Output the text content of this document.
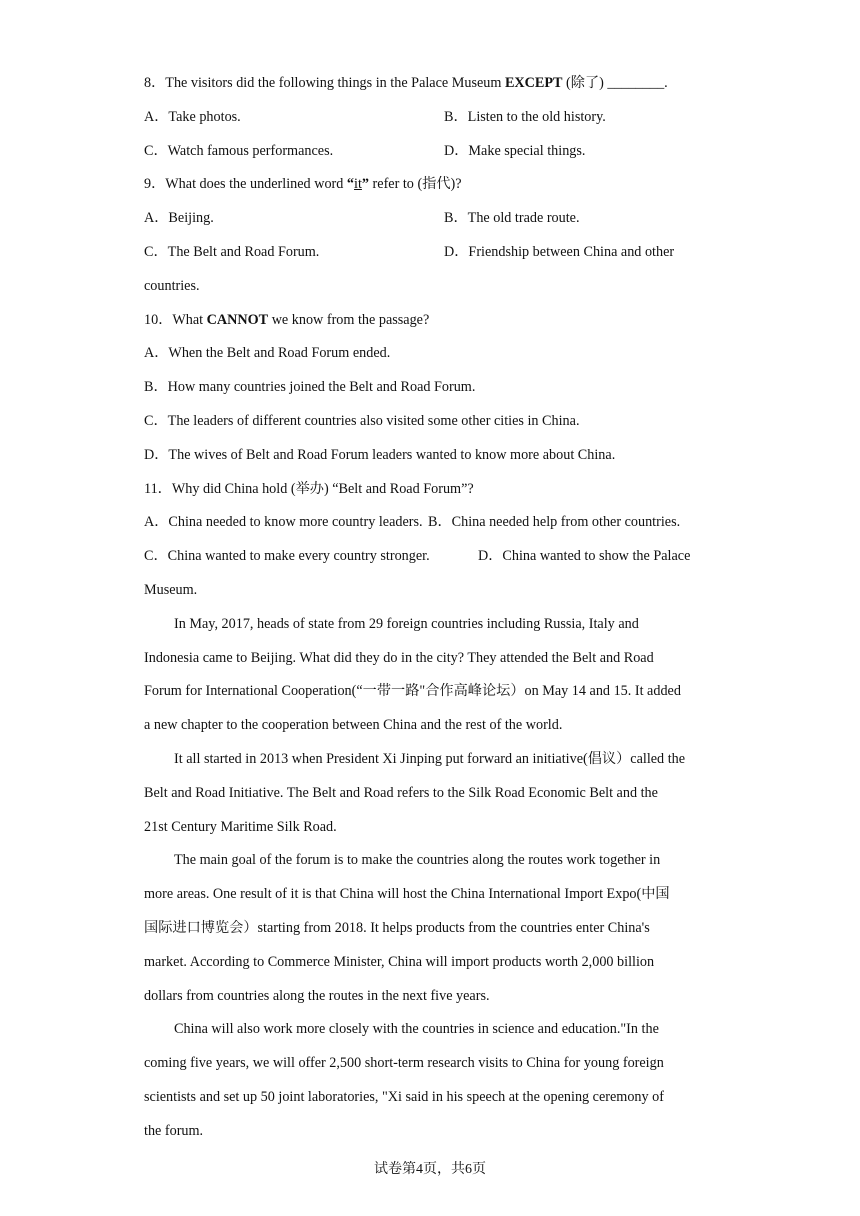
8．The visitors did the following things in the Palace Museum EXCEPT (除了) ________.
A．Take photos.	B．Listen to the old history.
C．Watch famous performances.	D．Make special things.
9．What does the underlined word “it” refer to (指代)?
A．Beijing.	B．The old trade route.
C．The Belt and Road Forum.	D．Friendship between China and other
countries.
10．What CANNOT we know from the passage?
A．When the Belt and Road Forum ended.
B．How many countries joined the Belt and Road Forum.
C．The leaders of different countries also visited some other cities in China.
D．The wives of Belt and Road Forum leaders wanted to know more about China.
11．Why did China hold (举办) “Belt and Road Forum”?
A．China needed to know more country leaders. B．China needed help from other countries.
C．China wanted to make every country stronger.	D．China wanted to show the Palace
Museum.
In May, 2017, heads of state from 29 foreign countries including Russia, Italy and
Indonesia came to Beijing. What did they do in the city? They attended the Belt and Road
Forum for International Cooperation(“一带一路"合作高峰论坛）on May 14 and 15. It added
a new chapter to the cooperation between China and the rest of the world.
It all started in 2013 when President Xi Jinping put forward an initiative(倡议）called the
Belt and Road Initiative. The Belt and Road refers to the Silk Road Economic Belt and the
21st Century Maritime Silk Road.
The main goal of the forum is to make the countries along the routes work together in
more areas. One result of it is that China will host the China International Import Expo(中国
国际进口博览会）starting from 2018. It helps products from the countries enter China's
market. According to Commerce Minister, China will import products worth 2,000 billion
dollars from countries along the routes in the next five years.
China will also work more closely with the countries in science and education."In the
coming five years, we will offer 2,500 short-term research visits to China for young foreign
scientists and set up 50 joint laboratories, "Xi said in his speech at the opening ceremony of
the forum.
试卷第4页，共6页
